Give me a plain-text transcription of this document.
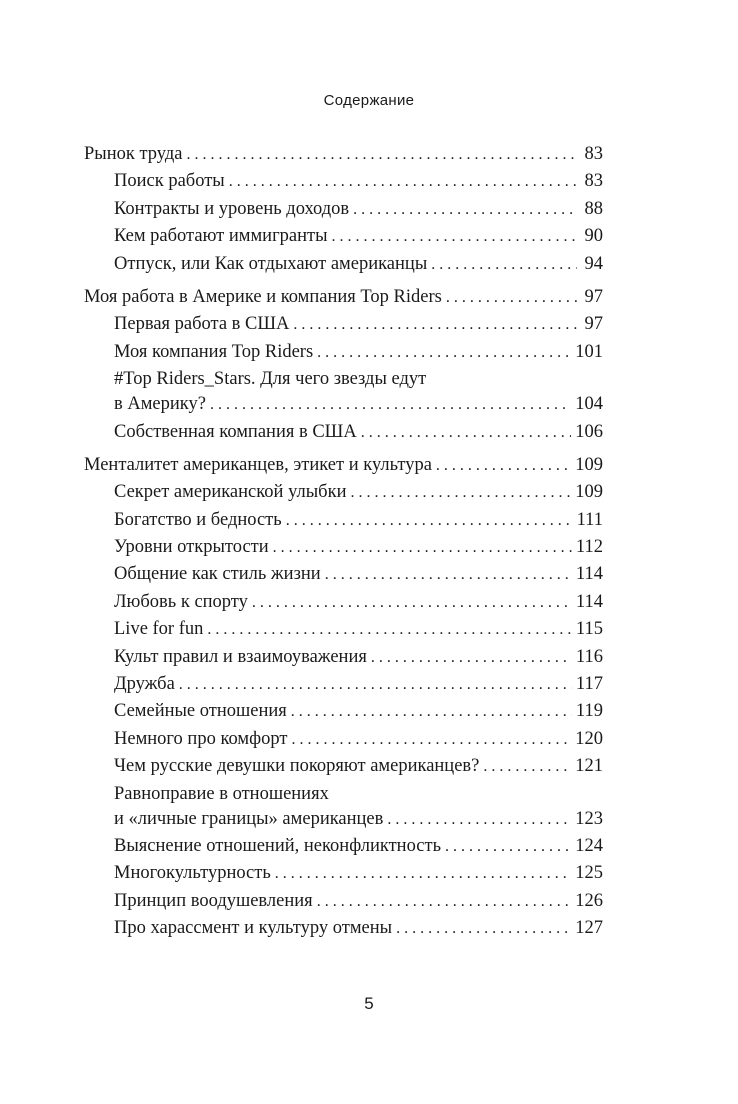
Содержание
Рынок труда . . .	83
Поиск работы . . .	83
Контракты и уровень доходов . . .	88
Кем работают иммигранты . . .	90
Отпуск, или Как отдыхают американцы . . .	94
Моя работа в Америке и компания Top Riders . . .	97
Первая работа в США . . .	97
Моя компания Top Riders . . .	101
#Top Riders_Stars. Для чего звезды едут
в Америку? . . .	104
Собственная компания в США . . .	106
Менталитет американцев, этикет и культура . . .	109
Секрет американской улыбки . . .	109
Богатство и бедность . . .	111
Уровни открытости . . .	112
Общение как стиль жизни . . .	114
Любовь к спорту . . .	114
Live for fun . . .	115
Культ правил и взаимоуважения . . .	116
Дружба . . .	117
Семейные отношения . . .	119
Немного про комфорт . . .	120
Чем русские девушки покоряют американцев? . . .	121
Равноправие в отношениях
и «личные границы» американцев . . .	123
Выяснение отношений, неконфликтность . . .	124
Многокультурность . . .	125
Принцип воодушевления . . .	126
Про харассмент и культуру отмены . . .	127
5
